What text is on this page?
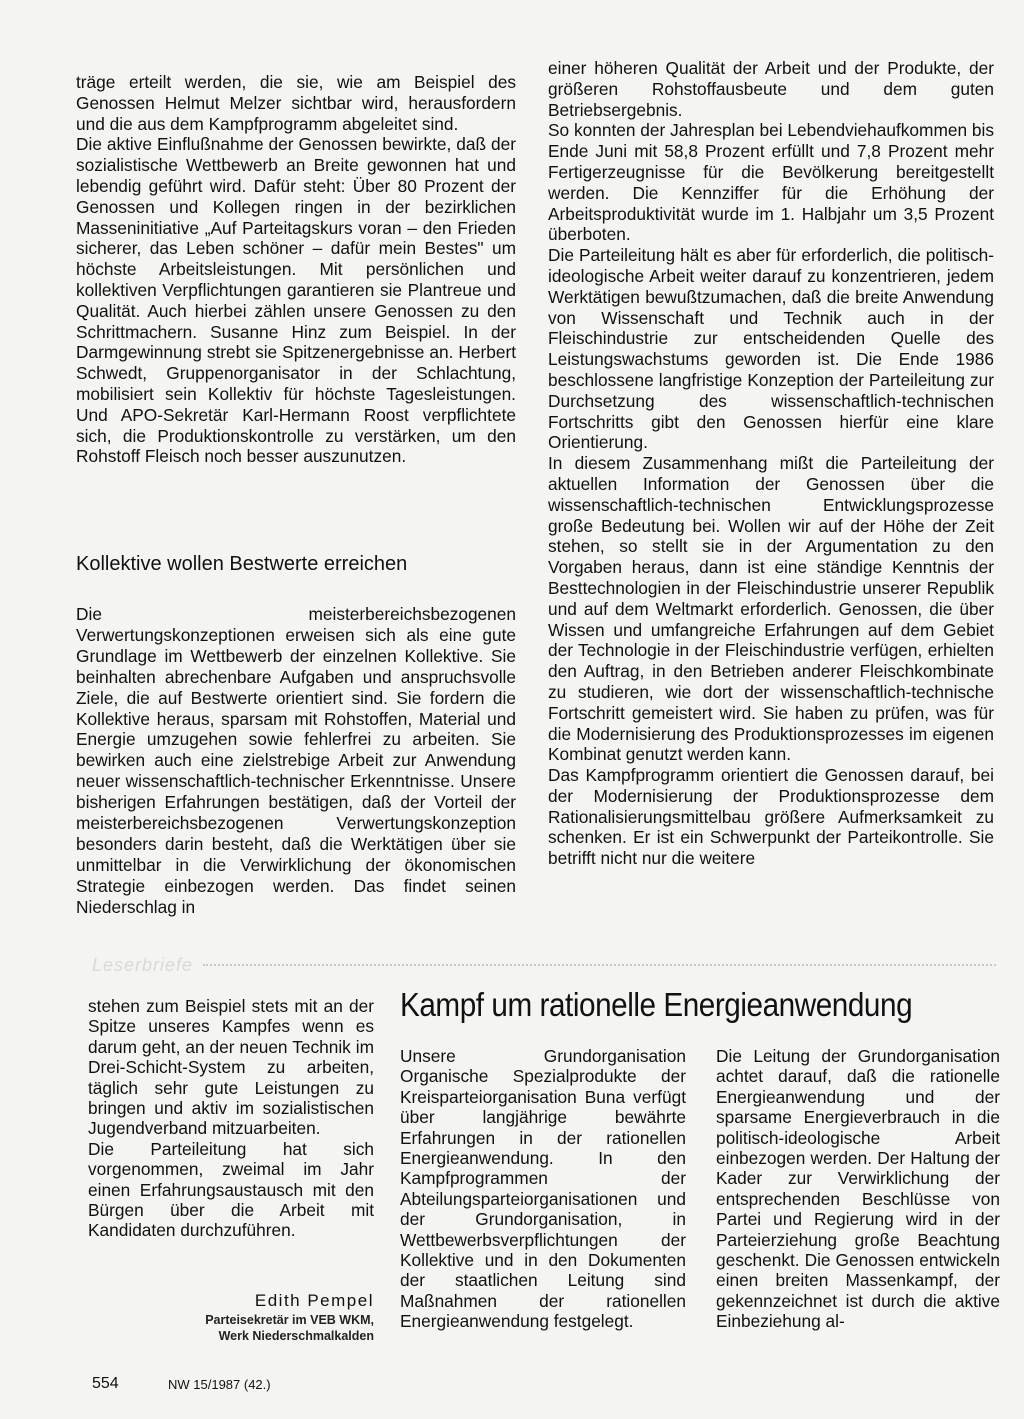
träge erteilt werden, die sie, wie am Beispiel des Genossen Helmut Melzer sichtbar wird, herausfordern und die aus dem Kampfprogramm abgeleitet sind.

Die aktive Einflußnahme der Genossen bewirkte, daß der sozialistische Wettbewerb an Breite gewonnen hat und lebendig geführt wird. Dafür steht: Über 80 Prozent der Genossen und Kollegen ringen in der bezirklichen Masseninitiative „Auf Parteitagskurs voran – den Frieden sicherer, das Leben schöner – dafür mein Bestes" um höchste Arbeitsleistungen. Mit persönlichen und kollektiven Verpflichtungen garantieren sie Plantreue und Qualität. Auch hierbei zählen unsere Genossen zu den Schrittmachern. Susanne Hinz zum Beispiel. In der Darmgewinnung strebt sie Spitzenergebnisse an. Herbert Schwedt, Gruppenorganisator in der Schlachtung, mobilisiert sein Kollektiv für höchste Tagesleistungen. Und APO-Sekretär Karl-Hermann Roost verpflichtete sich, die Produktionskontrolle zu verstärken, um den Rohstoff Fleisch noch besser auszunutzen.

Kollektive wollen Bestwerte erreichen

Die meisterbereichsbezogenen Verwertungskonzeptionen erweisen sich als eine gute Grundlage im Wettbewerb der einzelnen Kollektive. Sie beinhalten abrechenbare Aufgaben und anspruchsvolle Ziele, die auf Bestwerte orientiert sind. Sie fordern die Kollektive heraus, sparsam mit Rohstoffen, Material und Energie umzugehen sowie fehlerfrei zu arbeiten. Sie bewirken auch eine zielstrebige Arbeit zur Anwendung neuer wissenschaftlich-technischer Erkenntnisse. Unsere bisherigen Erfahrungen bestätigen, daß der Vorteil der meisterbereichsbezogenen Verwertungskonzeption besonders darin besteht, daß die Werktätigen über sie unmittelbar in die Verwirklichung der ökonomischen Strategie einbezogen werden. Das findet seinen Niederschlag in

einer höheren Qualität der Arbeit und der Produkte, der größeren Rohstoffausbeute und dem guten Betriebsergebnis.

So konnten der Jahresplan bei Lebendviehaufkommen bis Ende Juni mit 58,8 Prozent erfüllt und 7,8 Prozent mehr Fertigerzeugnisse für die Bevölkerung bereitgestellt werden. Die Kennziffer für die Erhöhung der Arbeitsproduktivität wurde im 1. Halbjahr um 3,5 Prozent überboten.

Die Parteileitung hält es aber für erforderlich, die politisch-ideologische Arbeit weiter darauf zu konzentrieren, jedem Werktätigen bewußtzumachen, daß die breite Anwendung von Wissenschaft und Technik auch in der Fleischindustrie zur entscheidenden Quelle des Leistungswachstums geworden ist. Die Ende 1986 beschlossene langfristige Konzeption der Parteileitung zur Durchsetzung des wissenschaftlich-technischen Fortschritts gibt den Genossen hierfür eine klare Orientierung.

In diesem Zusammenhang mißt die Parteileitung der aktuellen Information der Genossen über die wissenschaftlich-technischen Entwicklungsprozesse große Bedeutung bei. Wollen wir auf der Höhe der Zeit stehen, so stellt sie in der Argumentation zu den Vorgaben heraus, dann ist eine ständige Kenntnis der Besttechnologien in der Fleischindustrie unserer Republik und auf dem Weltmarkt erforderlich. Genossen, die über Wissen und umfangreiche Erfahrungen auf dem Gebiet der Technologie in der Fleischindustrie verfügen, erhielten den Auftrag, in den Betrieben anderer Fleischkombinate zu studieren, wie dort der wissenschaftlich-technische Fortschritt gemeistert wird. Sie haben zu prüfen, was für die Modernisierung des Produktionsprozesses im eigenen Kombinat genutzt werden kann.

Das Kampfprogramm orientiert die Genossen darauf, bei der Modernisierung der Produktionsprozesse dem Rationalisierungsmittelbau größere Aufmerksamkeit zu schenken. Er ist ein Schwerpunkt der Parteikontrolle. Sie betrifft nicht nur die weitere

Leserbriefe

stehen zum Beispiel stets mit an der Spitze unseres Kampfes wenn es darum geht, an der neuen Technik im Drei-Schicht-System zu arbeiten, täglich sehr gute Leistungen zu bringen und aktiv im sozialistischen Jugendverband mitzuarbeiten.

Die Parteileitung hat sich vorgenommen, zweimal im Jahr einen Erfahrungsaustausch mit den Bürgen über die Arbeit mit Kandidaten durchzuführen.

Edith Pempel
Parteisekretär im VEB WKM,
Werk Niederschmalkalden
Kampf um rationelle Energieanwendung

Unsere Grundorganisation Organische Spezialprodukte der Kreisparteiorganisation Buna verfügt über langjährige bewährte Erfahrungen in der rationellen Energieanwendung. In den Kampfprogrammen der Abteilungsparteiorganisationen und der Grundorganisation, in Wettbewerbsverpflichtungen der Kollektive und in den Dokumenten der staatlichen Leitung sind Maßnahmen der rationellen Energieanwendung festgelegt.

Die Leitung der Grundorganisation achtet darauf, daß die rationelle Energieanwendung und der sparsame Energieverbrauch in die politisch-ideologische Arbeit einbezogen werden. Der Haltung der Kader zur Verwirklichung der entsprechenden Beschlüsse von Partei und Regierung wird in der Parteierziehung große Beachtung geschenkt. Die Genossen entwickeln einen breiten Massenkampf, der gekennzeichnet ist durch die aktive Einbeziehung al-

554	NW 15/1987 (42.)
